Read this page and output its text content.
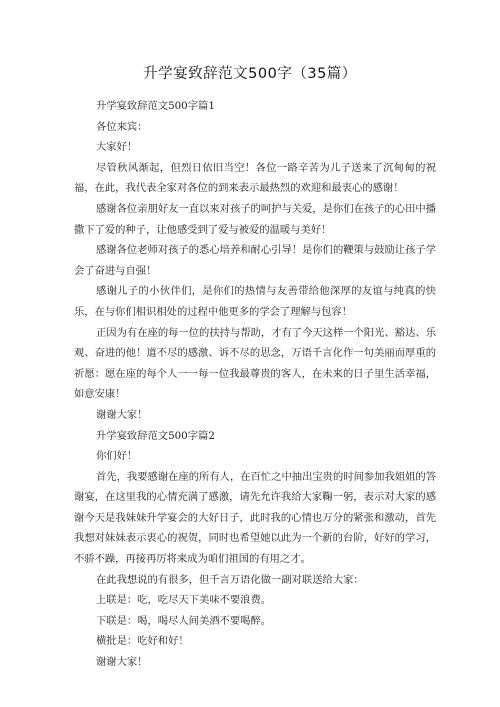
升学宴致辞范文500字（35篇）

升学宴致辞范文500字篇1

各位来宾：

大家好！

尽管秋风渐起，但烈日依旧当空！各位一路辛苦为儿子送来了沉甸甸的祝福，在此，我代表全家对各位的到来表示最热烈的欢迎和最衷心的感谢！

感谢各位亲朋好友一直以来对孩子的呵护与关爱，是你们在孩子的心田中播撒下了爱的种子，让他感受到了爱与被爱的温暖与美好！

感谢各位老师对孩子的悉心培养和耐心引导！是你们的鞭策与鼓励让孩子学会了奋进与自强！

感谢儿子的小伙伴们，是你们的热情与友善带给他深厚的友谊与纯真的快乐，在与你们相识相处的过程中他更多的学会了理解与包容！

正因为有在座的每一位的扶持与帮助，才有了今天这样一个阳光、豁达、乐观、奋进的他！道不尽的感激、诉不尽的思念，万语千言化作一句美丽而厚重的祈愿：愿在座的每个人一一每一位我最尊贵的客人，在未来的日子里生活幸福，如意安康！

谢谢大家！

升学宴致辞范文500字篇2

你们好！

首先，我要感谢在座的所有人，在百忙之中抽出宝贵的时间参加我姐姐的答谢宴，在这里我的心情充满了感激，请先允许我给大家鞠一躬，表示对大家的感谢今天是我妹妹升学宴会的大好日子，此时我的心情也万分的紧张和激动，首先我想对妹妹表示衷心的祝贺，同时也希望她以此为一个新的台阶，好好的学习，不骄不躁，再接再厉将来成为咱们祖国的有用之才。

在此我想说的有很多，但千言万语化做一副对联送给大家：

上联是：吃，吃尽天下美味不要浪费。

下联是：喝，喝尽人间美酒不要喝醉。

横批是：吃好和好！

谢谢大家！
